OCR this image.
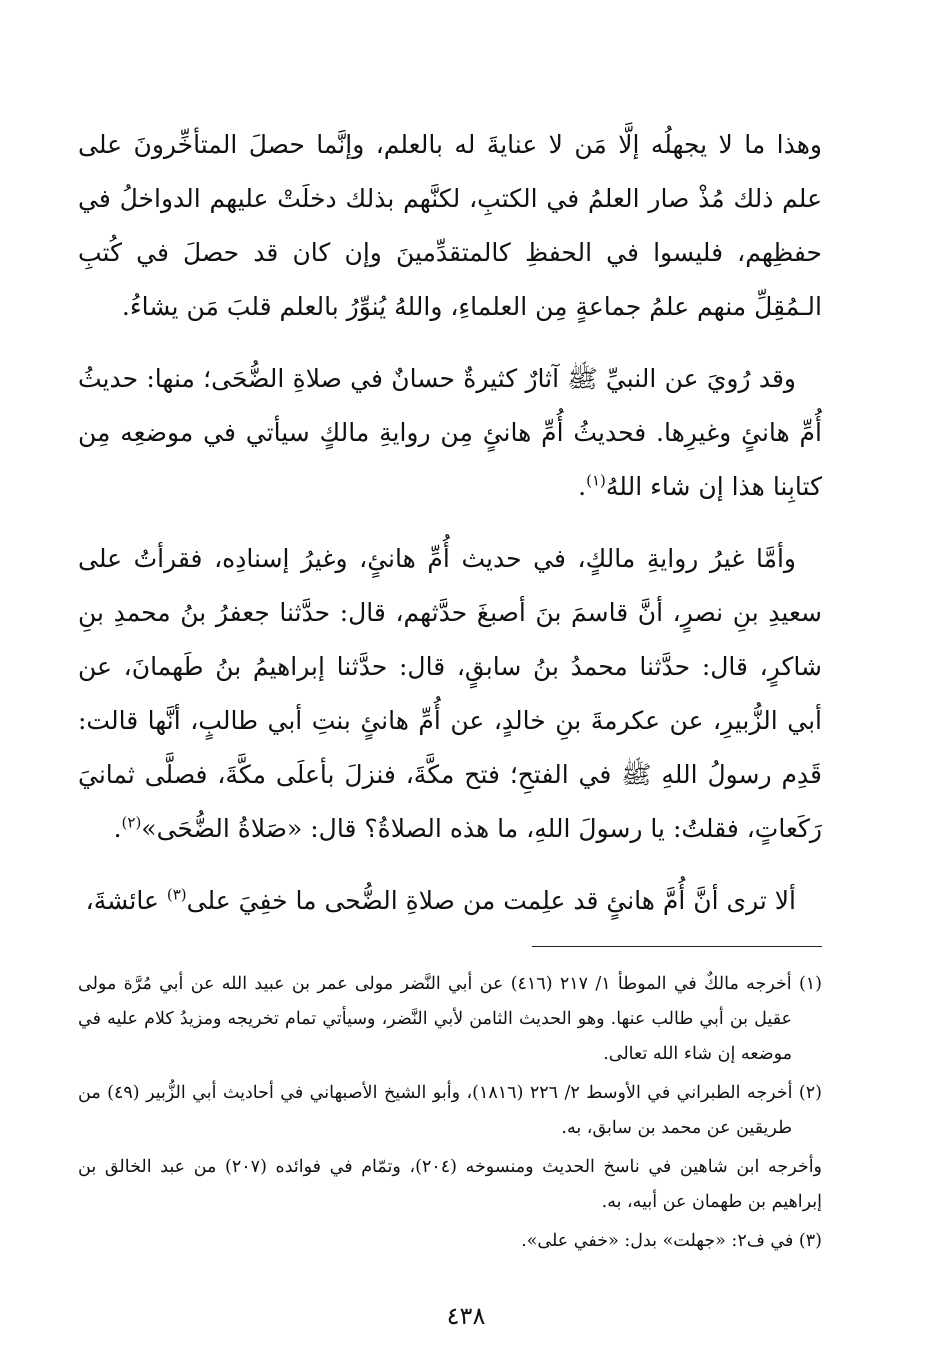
وهذا ما لا يجهلُه إلَّا مَن لا عنايةَ له بالعلم، وإنَّما حصلَ المتأخِّرونَ على علم ذلك مُذْ صار العلمُ في الكتبِ، لكنَّهم بذلك دخلَتْ عليهم الدواخلُ في حفظِهم، فليسوا في الحفظِ كالمتقدِّمينَ وإن كان قد حصلَ في كُتبِ الـمُقِلِّ منهم علمُ جماعةٍ مِن العلماءِ، واللهُ يُنوِّرُ بالعلم قلبَ مَن يشاءُ.

وقد رُويَ عن النبيِّ ﷺ آثارٌ كثيرةٌ حسانٌ في صلاةِ الضُّحَى؛ منها: حديثُ أُمِّ هانئٍ وغيرِها. فحديثُ أُمِّ هانئٍ مِن روايةِ مالكٍ سيأتي في موضعِه مِن كتابِنا هذا إن شاء اللهُ$^{(١)}$.

وأمَّا غيرُ روايةِ مالكٍ، في حديث أُمِّ هانئٍ، وغيرُ إسنادِه، فقرأتُ على سعيدِ بنِ نصرٍ، أنَّ قاسمَ بنَ أصبغَ حدَّثهم، قال: حدَّثنا جعفرُ بنُ محمدِ بنِ شاكرٍ، قال: حدَّثنا محمدُ بنُ سابقٍ، قال: حدَّثنا إبراهيمُ بنُ طَهمانَ، عن أبي الزُّبيرِ، عن عكرمةَ بنِ خالدٍ، عن أُمِّ هانئٍ بنتِ أبي طالبٍ، أنَّها قالت: قَدِم رسولُ اللهِ ﷺ في الفتحِ؛ فتح مكَّةَ، فنزلَ بأعلَى مكَّةَ، فصلَّى ثمانيَ رَكَعاتٍ، فقلتُ: يا رسولَ اللهِ، ما هذه الصلاةُ؟ قال: «صَلاةُ الضُّحَى»$^{(٢)}$.

ألا ترى أنَّ أُمَّ هانئٍ قد علِمت من صلاةِ الضُّحى ما خفِيَ على$^{(٣)}$ عائشةَ،

(١) أخرجه مالكٌ في الموطأ ١/ ٢١٧ (٤١٦) عن أبي النَّضر مولى عمر بن عبيد الله عن أبي مُرَّة مولى عقيل بن أبي طالب عنها. وهو الحديث الثامن لأبي النَّضر، وسيأتي تمام تخريجه ومزيدُ كلام عليه في موضعه إن شاء الله تعالى.

(٢) أخرجه الطبراني في الأوسط ٢/ ٢٢٦ (١٨١٦)، وأبو الشيخ الأصبهاني في أحاديث أبي الزُّبير (٤٩) من طريقين عن محمد بن سابق، به.

وأخرجه ابن شاهين في ناسخ الحديث ومنسوخه (٢٠٤)، وتمّام في فوائده (٢٠٧) من عبد الخالق بن إبراهيم بن طهمان عن أبيه، به.

(٣) في ف٢: «جهلت» بدل: «خفي على».

٤٣٨
